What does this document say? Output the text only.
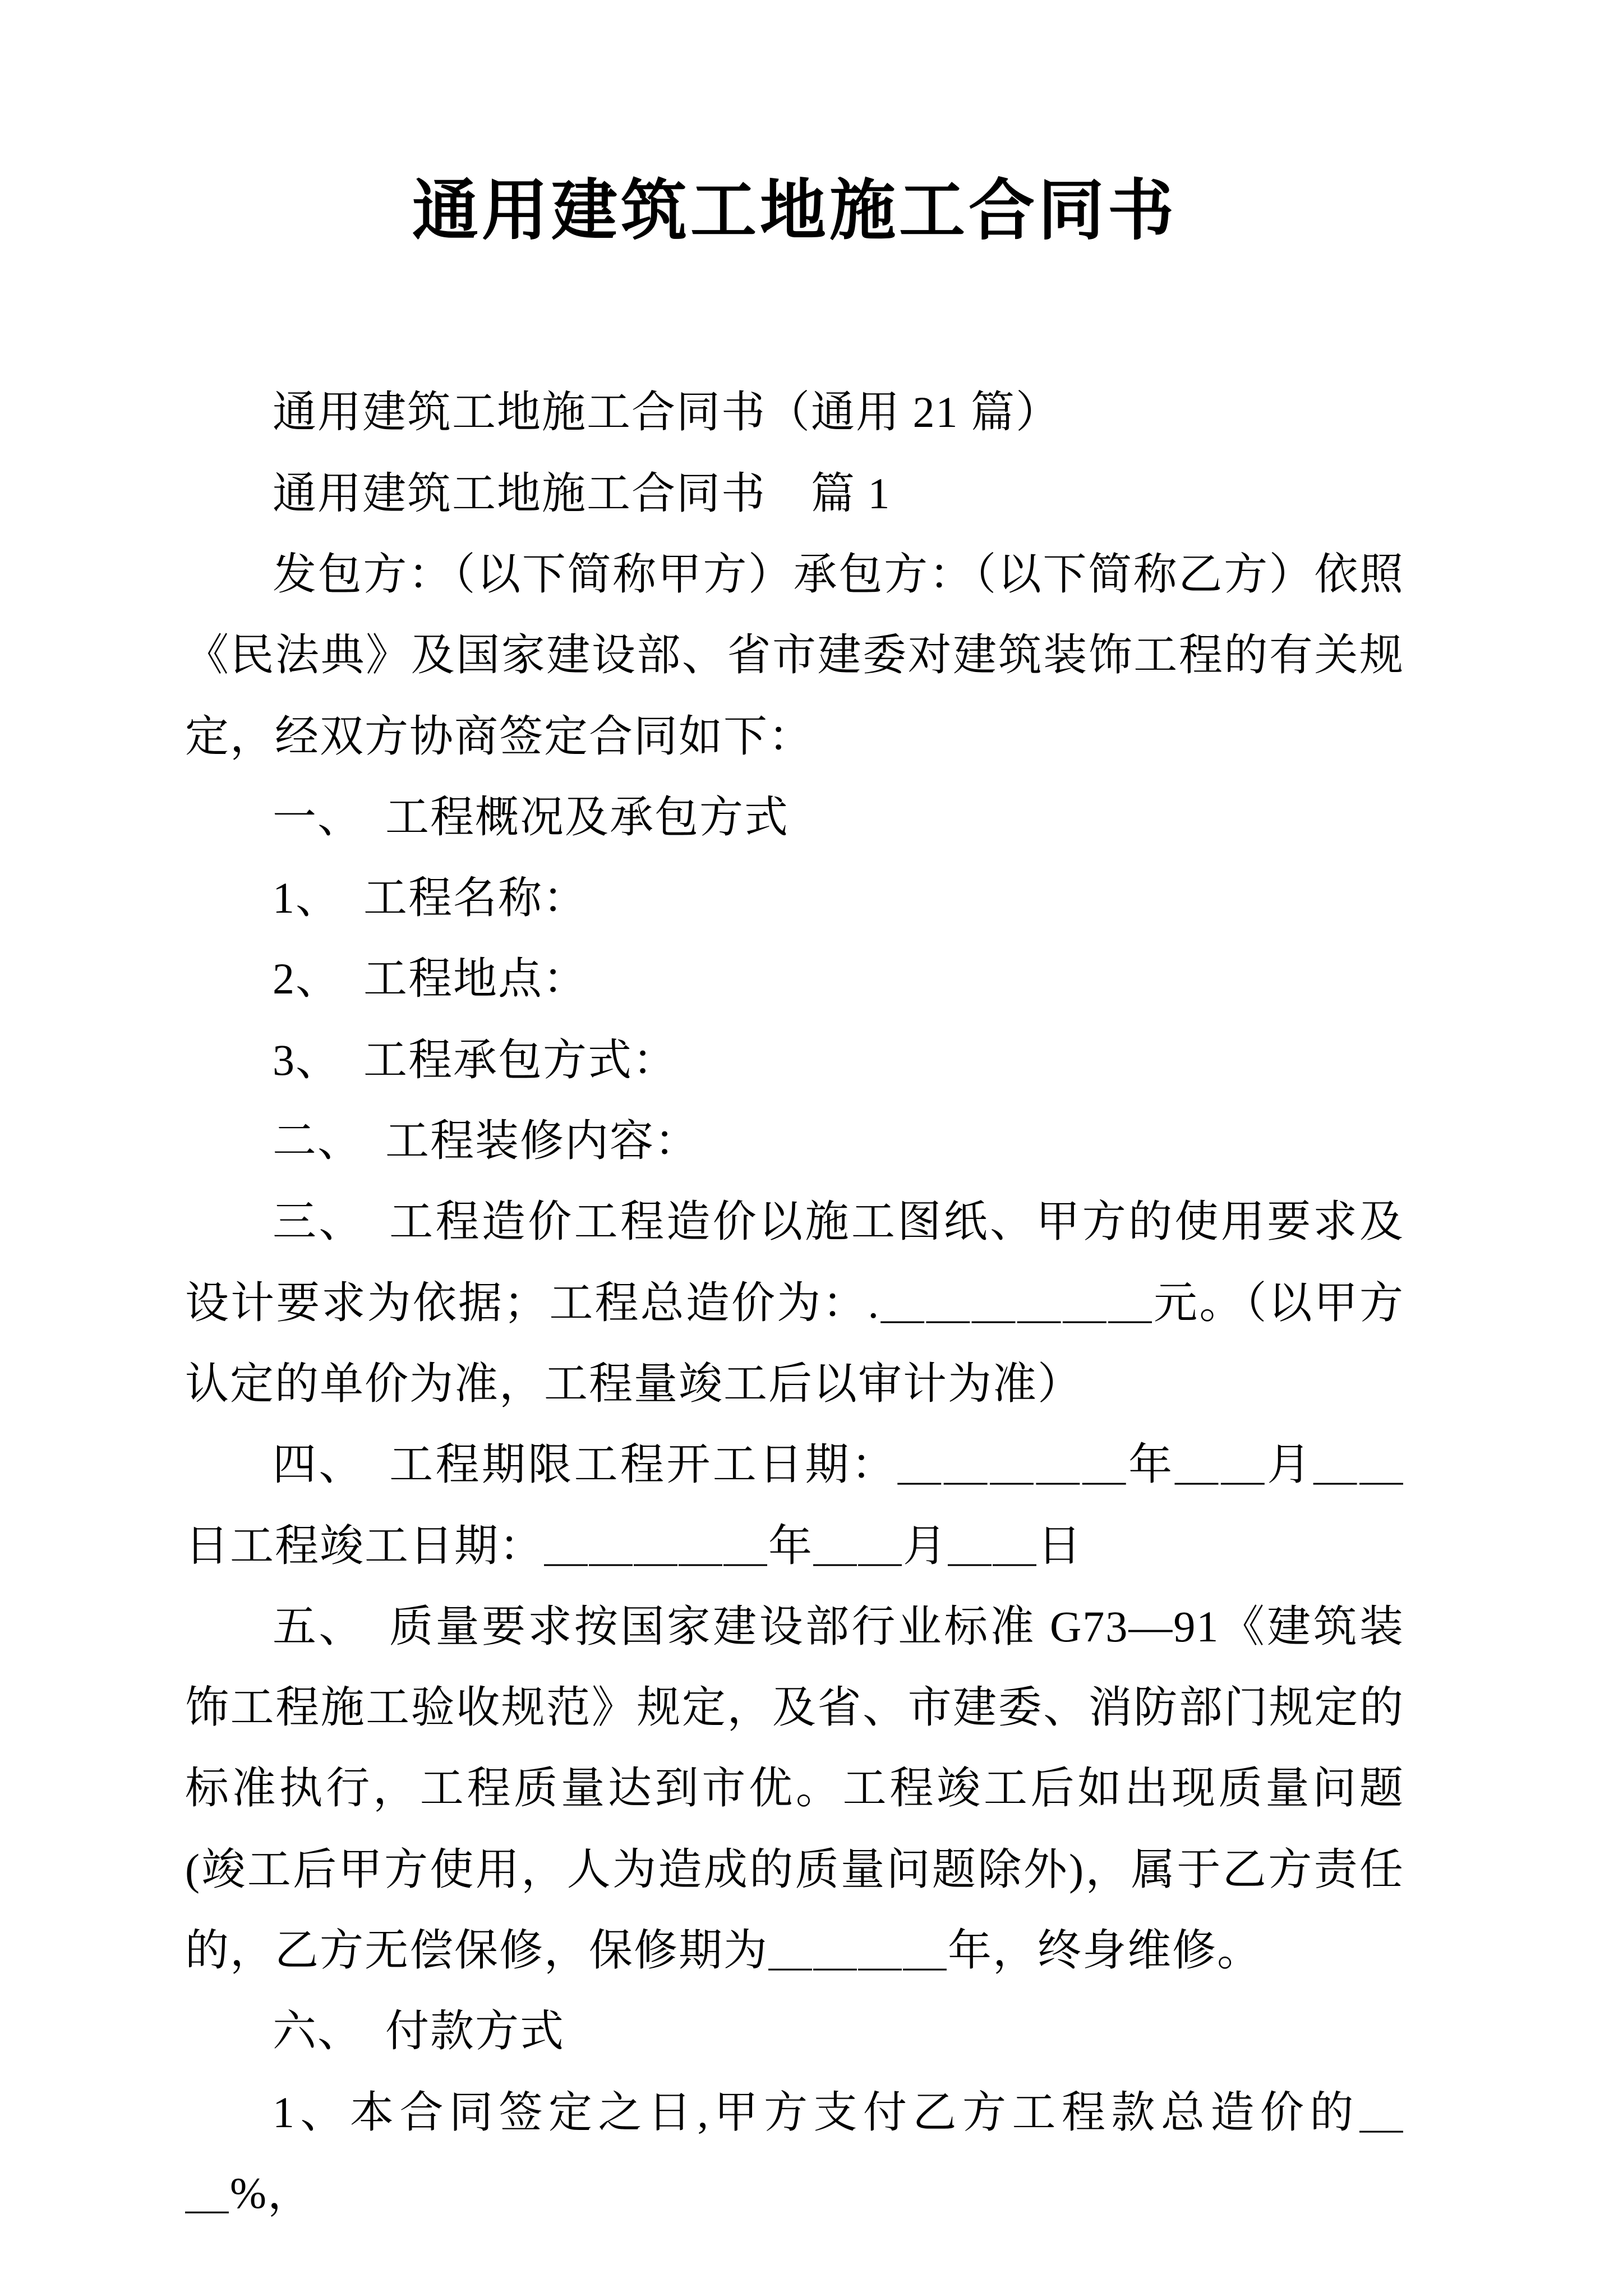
通用建筑工地施工合同书

通用建筑工地施工合同书（通用 21 篇）

通用建筑工地施工合同书　篇 1

发包方：（以下简称甲方）承包方：（以下简称乙方）依照《民法典》及国家建设部、省市建委对建筑装饰工程的有关规定，经双方协商签定合同如下：

一、　工程概况及承包方式

1、　工程名称：

2、　工程地点：

3、　工程承包方式：

二、　工程装修内容：

三、　工程造价工程造价以施工图纸、甲方的使用要求及设计要求为依据；工程总造价为：.＿＿＿＿＿＿元。（以甲方认定的单价为准，工程量竣工后以审计为准）

四、　工程期限工程开工日期：＿＿＿＿＿年＿＿月＿＿日工程竣工日期：＿＿＿＿＿年＿＿月＿＿日

五、　质量要求按国家建设部行业标准 G73—91《建筑装饰工程施工验收规范》规定，及省、市建委、消防部门规定的标准执行，工程质量达到市优。工程竣工后如出现质量问题(竣工后甲方使用，人为造成的质量问题除外)，属于乙方责任的，乙方无偿保修，保修期为＿＿＿＿年，终身维修。

六、　付款方式

1、本合同签定之日,甲方支付乙方工程款总造价的＿＿%，
